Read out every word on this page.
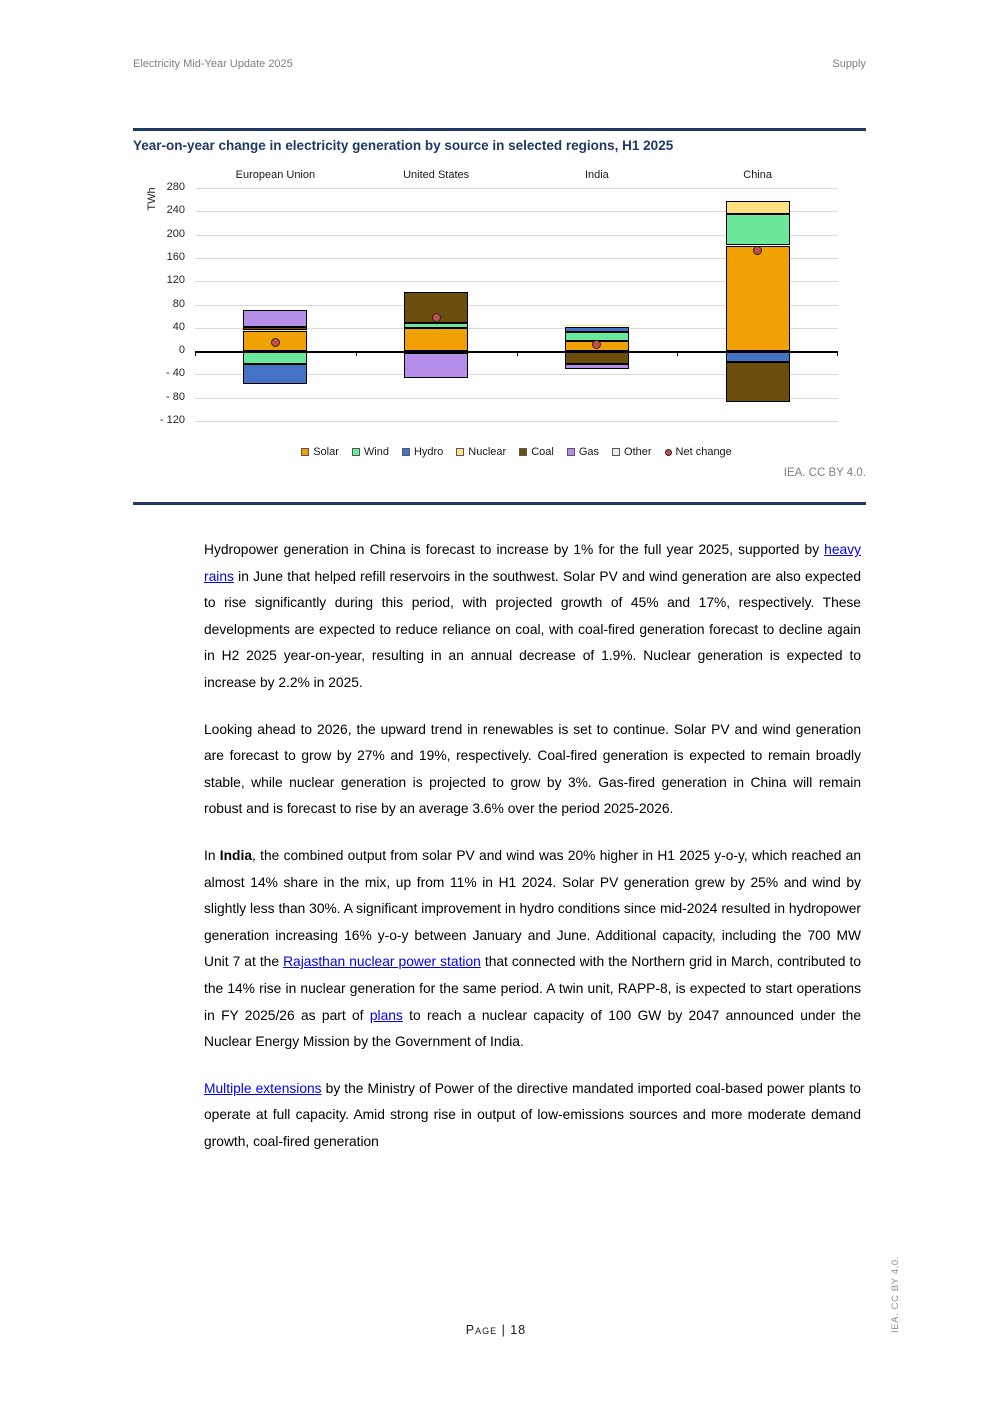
Electricity Mid-Year Update 2025	Supply
Year-on-year change in electricity generation by source in selected regions, H1 2025
TWh
European Union	United States	India	China
280
240
200
160
120
80
40
0
- 40
- 80
- 120
Solar Wind Hydro Nuclear Coal Gas Other Net change
IEA. CC BY 4.0.

Hydropower generation in China is forecast to increase by 1% for the full year 2025, supported by heavy rains in June that helped refill reservoirs in the southwest. Solar PV and wind generation are also expected to rise significantly during this period, with projected growth of 45% and 17%, respectively. These developments are expected to reduce reliance on coal, with coal-fired generation forecast to decline again in H2 2025 year-on-year, resulting in an annual decrease of 1.9%. Nuclear generation is expected to increase by 2.2% in 2025.

Looking ahead to 2026, the upward trend in renewables is set to continue. Solar PV and wind generation are forecast to grow by 27% and 19%, respectively. Coal-fired generation is expected to remain broadly stable, while nuclear generation is projected to grow by 3%. Gas-fired generation in China will remain robust and is forecast to rise by an average 3.6% over the period 2025-2026.

In India, the combined output from solar PV and wind was 20% higher in H1 2025 y-o-y, which reached an almost 14% share in the mix, up from 11% in H1 2024. Solar PV generation grew by 25% and wind by slightly less than 30%. A significant improvement in hydro conditions since mid-2024 resulted in hydropower generation increasing 16% y-o-y between January and June. Additional capacity, including the 700 MW Unit 7 at the Rajasthan nuclear power station that connected with the Northern grid in March, contributed to the 14% rise in nuclear generation for the same period. A twin unit, RAPP-8, is expected to start operations in FY 2025/26 as part of plans to reach a nuclear capacity of 100 GW by 2047 announced under the Nuclear Energy Mission by the Government of India.

Multiple extensions by the Ministry of Power of the directive mandated imported coal-based power plants to operate at full capacity. Amid strong rise in output of low-emissions sources and more moderate demand growth, coal-fired generation

Page | 18	IEA. CC BY 4.0.
